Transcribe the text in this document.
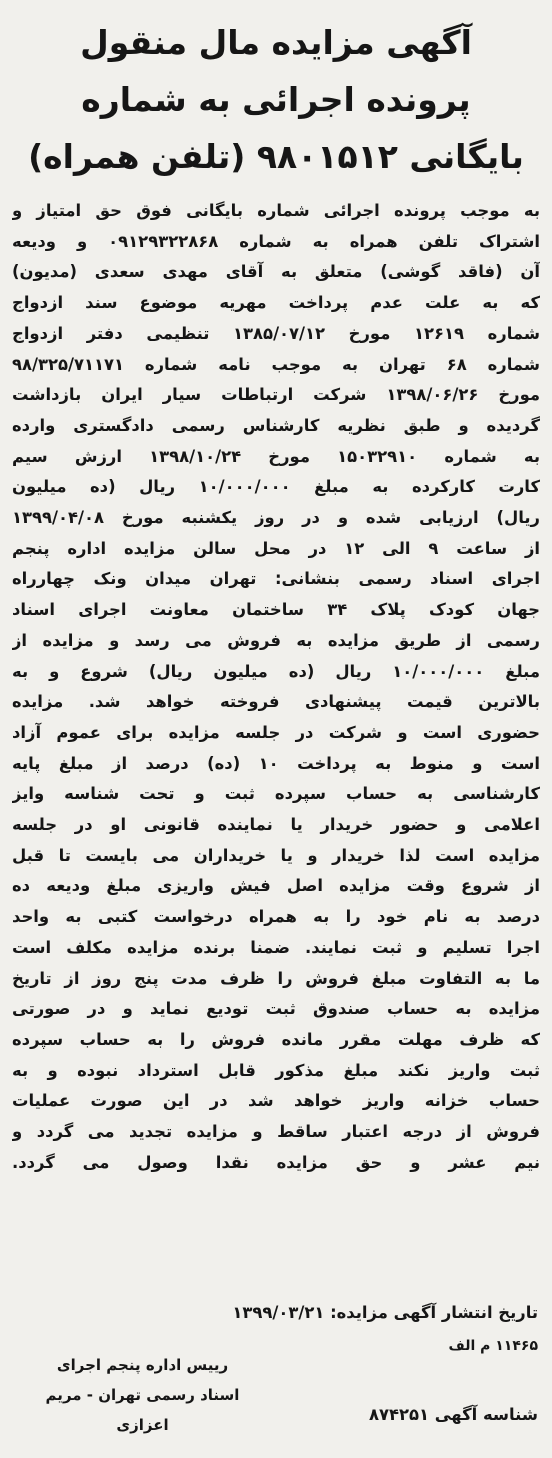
آگهی مزایده مال منقول
پرونده اجرائی به شماره
بایگانی ۹۸۰۱۵۱۲ (تلفن همراه)
به موجب پرونده اجرائی شماره بایگانی فوق حق امتیاز و
اشتراک تلفن همراه به شماره ۰۹۱۲۹۳۲۲۸۶۸ و ودیعه
آن (فاقد گوشی) متعلق به آقای مهدی سعدی (مدیون)
که به علت عدم پرداخت مهریه موضوع سند ازدواج
شماره ۱۲۶۱۹ مورخ ۱۳۸۵/۰۷/۱۲ تنظیمی دفتر ازدواج
شماره ۶۸ تهران به موجب نامه شماره ۹۸/۳۲۵/۷۱۱۷۱
مورخ ۱۳۹۸/۰۶/۲۶ شرکت ارتباطات سیار ایران بازداشت
گردیده و طبق نظریه کارشناس رسمی دادگستری وارده
به شماره ۱۵۰۳۲۹۱۰ مورخ ۱۳۹۸/۱۰/۲۴ ارزش سیم
کارت کارکرده به مبلغ ۱۰/۰۰۰/۰۰۰ ریال (ده میلیون
ریال) ارزیابی شده و در روز یکشنبه مورخ ۱۳۹۹/۰۴/۰۸
از ساعت ۹ الی ۱۲ در محل سالن مزایده اداره پنجم
اجرای اسناد رسمی بنشانی: تهران میدان ونک چهارراه
جهان کودک پلاک ۳۴ ساختمان معاونت اجرای اسناد
رسمی از طریق مزایده به فروش می رسد و مزایده از
مبلغ ۱۰/۰۰۰/۰۰۰ ریال (ده میلیون ریال) شروع و به
بالاترین قیمت پیشنهادی فروخته خواهد شد. مزایده
حضوری است و شرکت در جلسه مزایده برای عموم آزاد
است و منوط به پرداخت ۱۰ (ده) درصد از مبلغ پایه
کارشناسی به حساب سپرده ثبت و تحت شناسه وایز
اعلامی و حضور خریدار یا نماینده قانونی او در جلسه
مزایده است لذا خریدار و یا خریداران می بایست تا قبل
از شروع وقت مزایده اصل فیش واریزی مبلغ ودیعه ده
درصد به نام خود را به همراه درخواست کتبی به واحد
اجرا تسلیم و ثبت نمایند. ضمنا برنده مزایده مکلف است
ما به التفاوت مبلغ فروش را ظرف مدت پنج روز از تاریخ
مزایده به حساب صندوق ثبت تودیع نماید و در صورتی
که ظرف مهلت مقرر مانده فروش را به حساب سپرده
ثبت واریز نکند مبلغ مذکور قابل استرداد نبوده و به
حساب خزانه واریز خواهد شد در این صورت عملیات
فروش از درجه اعتبار ساقط و مزایده تجدید می گردد و
نیم عشر و حق مزایده نقدا وصول می گردد.
تاریخ انتشار آگهی مزایده: ۱۳۹۹/۰۳/۲۱
۱۱۴۶۵ م الف
رییس اداره پنجم اجرای
اسناد رسمی تهران - مریم اعزازی
شناسه آگهی ۸۷۴۲۵۱
